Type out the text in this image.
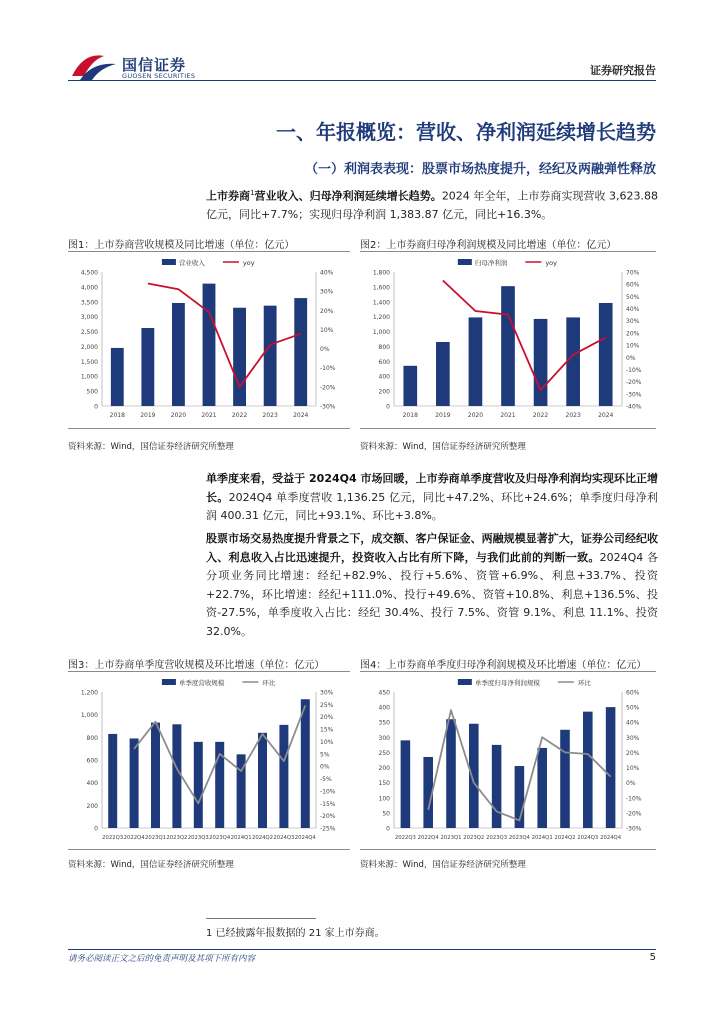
国信证券
GUOSEN SECURITIES	证券研究报告
一、年报概览：营收、净利润延续增长趋势
（一）利润表表现：股票市场热度提升，经纪及两融弹性释放
上市券商$^1$营业收入、归母净利润延续增长趋势。2024 年全年，上市券商实现营收 3,623.88 亿元，同比+7.7%；实现归母净利润 1,383.87 亿元，同比+16.3%。
图1：上市券商营收规模及同比增速（单位：亿元）
营业收入	yoy
4,500
4,000
3,500
3,000
2,500
2,000
1,500
1,000
500
0
40%
30%
20%
10%
0%
-10%
-20%
-30%
2018	2019	2020	2021	2022	2023	2024
资料来源：Wind，国信证券经济研究所整理
图2：上市券商归母净利润规模及同比增速（单位：亿元）
归母净利润	yoy
1,800
1,600
1,400
1,200
1,000
800
600
400
200
0
70%
60%
50%
40%
30%
20%
10%
0%
-10%
-20%
-30%
-40%
2018	2019	2020	2021	2022	2023	2024
资料来源：Wind，国信证券经济研究所整理
单季度来看，受益于 2024Q4 市场回暖，上市券商单季度营收及归母净利润均实现环比正增长。2024Q4 单季度营收 1,136.25 亿元，同比+47.2%、环比+24.6%；单季度归母净利润 400.31 亿元，同比+93.1%、环比+3.8%。
股票市场交易热度提升背景之下，成交额、客户保证金、两融规模显著扩大，证券公司经纪收入、利息收入占比迅速提升，投资收入占比有所下降，与我们此前的判断一致。2024Q4 各分项业务同比增速：经纪+82.9%、投行+5.6%、资管+6.9%、利息+33.7%、投资+22.7%，环比增速：经纪+111.0%、投行+49.6%、资管+10.8%、利息+136.5%、投资-27.5%，单季度收入占比：经纪 30.4%、投行 7.5%、资管 9.1%、利息 11.1%、投资 32.0%。
图3：上市券商单季度营收规模及环比增速（单位：亿元）
单季度营收规模	环比
1,200
1,000
800
600
400
200
0
30%
25%
20%
15%
10%
5%
0%
-5%
-10%
-15%
-20%
-25%
2022Q3 2022Q4 2023Q1 2023Q2 2023Q3 2023Q4 2024Q1 2024Q2 2024Q3 2024Q4
资料来源：Wind，国信证券经济研究所整理
图4：上市券商单季度归母净利润规模及环比增速（单位：亿元）
单季度归母净利润规模	环比
450
400
350
300
250
200
150
100
50
0
60%
50%
40%
30%
20%
10%
0%
-10%
-20%
-30%
2022Q3 2022Q4 2023Q1 2023Q2 2023Q3 2023Q4 2024Q1 2024Q2 2024Q3 2024Q4
资料来源：Wind，国信证券经济研究所整理
1 已经披露年报数据的 21 家上市券商。
请务必阅读正文之后的免责声明及其项下所有内容	5
